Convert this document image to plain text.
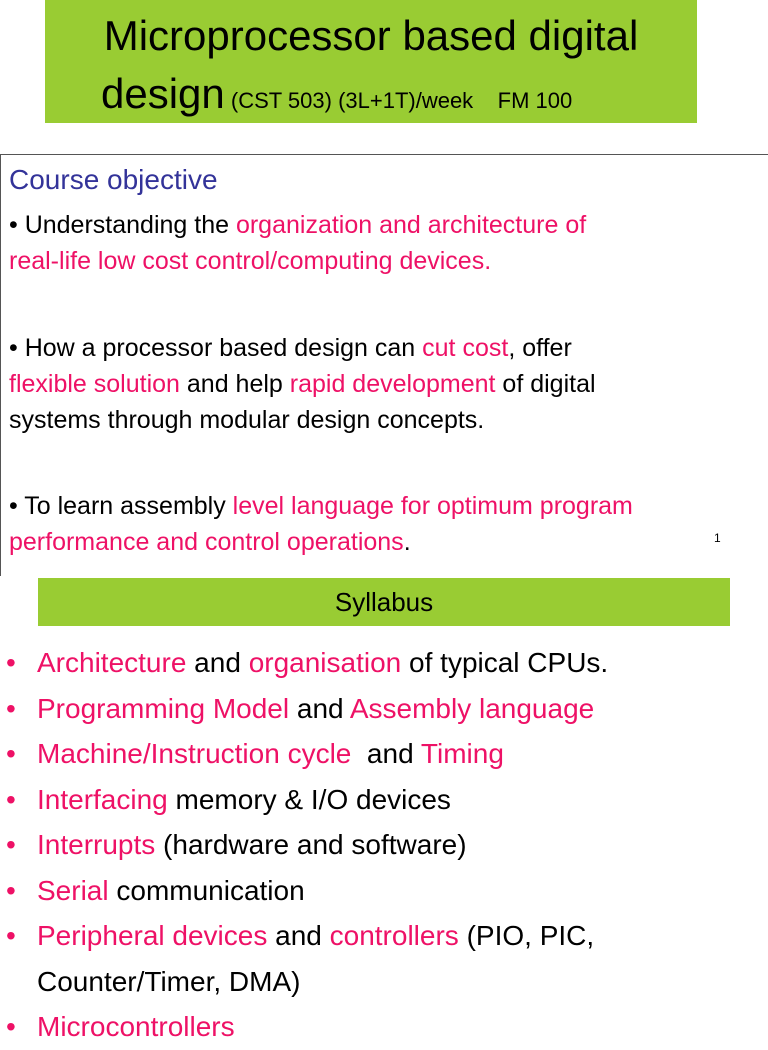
Microprocessor based digital
design (CST 503) (3L+1T)/week    FM 100
Course objective
• Understanding the organization and architecture of
real-life low cost control/computing devices.
• How a processor based design can cut cost, offer
flexible solution and help rapid development of digital
systems through modular design concepts.
• To learn assembly level language for optimum program
performance and control operations.	1
Syllabus
• Architecture and organisation of typical CPUs.
• Programming Model and Assembly language
• Machine/Instruction cycle  and Timing
• Interfacing memory & I/O devices
• Interrupts (hardware and software)
• Serial communication
• Peripheral devices and controllers (PIO, PIC,
Counter/Timer, DMA)
• Microcontrollers
